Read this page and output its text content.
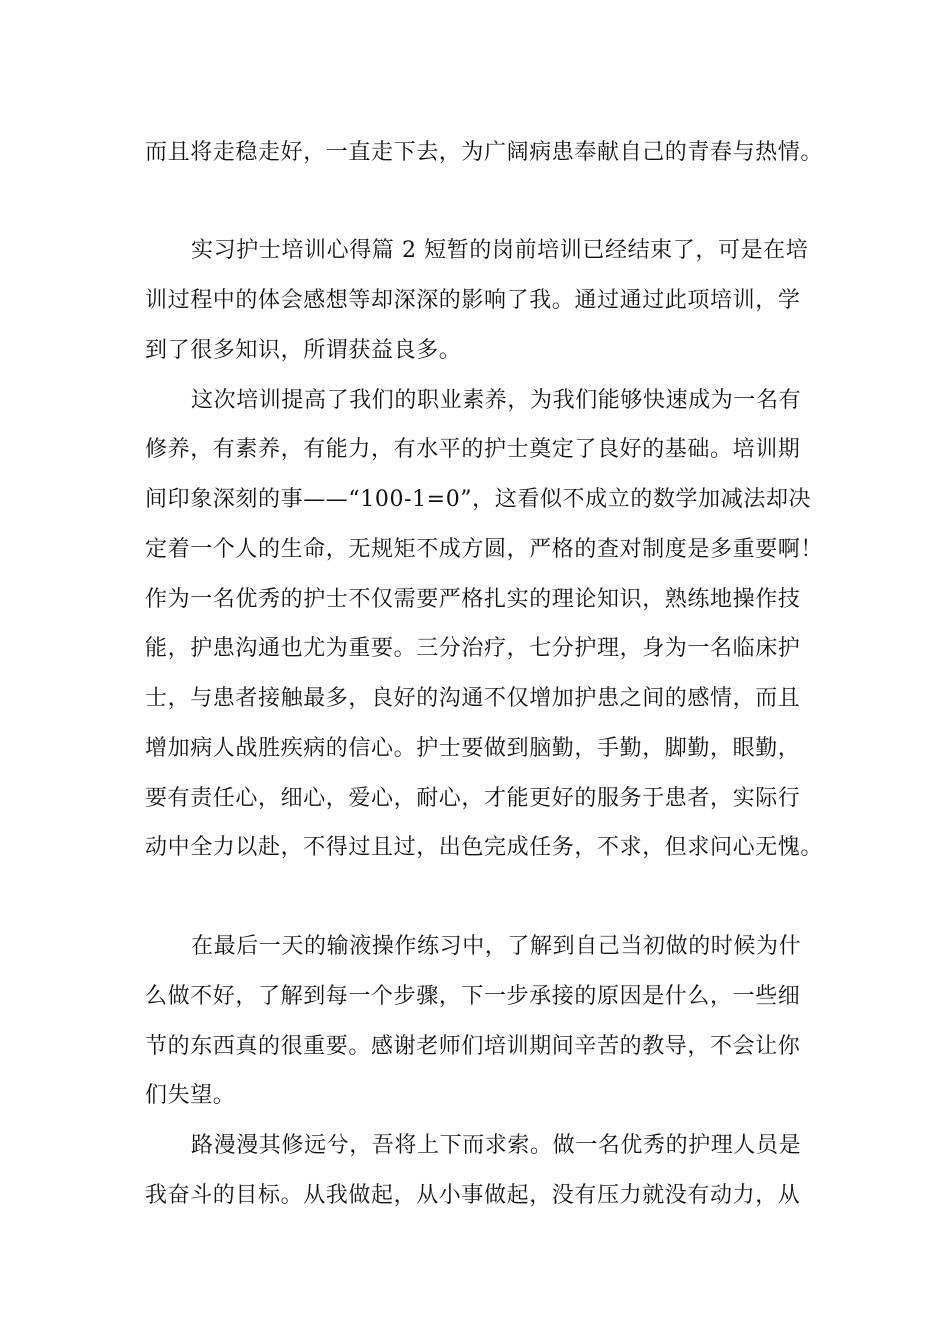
而且将走稳走好，一直走下去，为广阔病患奉献自己的青春与热情。

实习护士培训心得篇 2 短暂的岗前培训已经结束了，可是在培

训过程中的体会感想等却深深的影响了我。通过通过此项培训，学

到了很多知识，所谓获益良多。

这次培训提高了我们的职业素养，为我们能够快速成为一名有

修养，有素养，有能力，有水平的护士奠定了良好的基础。培训期

间印象深刻的事——“100-1=0”，这看似不成立的数学加减法却决

定着一个人的生命，无规矩不成方圆，严格的查对制度是多重要啊！

作为一名优秀的护士不仅需要严格扎实的理论知识，熟练地操作技

能，护患沟通也尤为重要。三分治疗，七分护理，身为一名临床护

士，与患者接触最多，良好的沟通不仅增加护患之间的感情，而且

增加病人战胜疾病的信心。护士要做到脑勤，手勤，脚勤，眼勤，

要有责任心，细心，爱心，耐心，才能更好的服务于患者，实际行

动中全力以赴，不得过且过，出色完成任务，不求，但求问心无愧。

在最后一天的输液操作练习中，了解到自己当初做的时候为什

么做不好，了解到每一个步骤，下一步承接的原因是什么，一些细

节的东西真的很重要。感谢老师们培训期间辛苦的教导，不会让你

们失望。

路漫漫其修远兮，吾将上下而求索。做一名优秀的护理人员是

我奋斗的目标。从我做起，从小事做起，没有压力就没有动力，从
